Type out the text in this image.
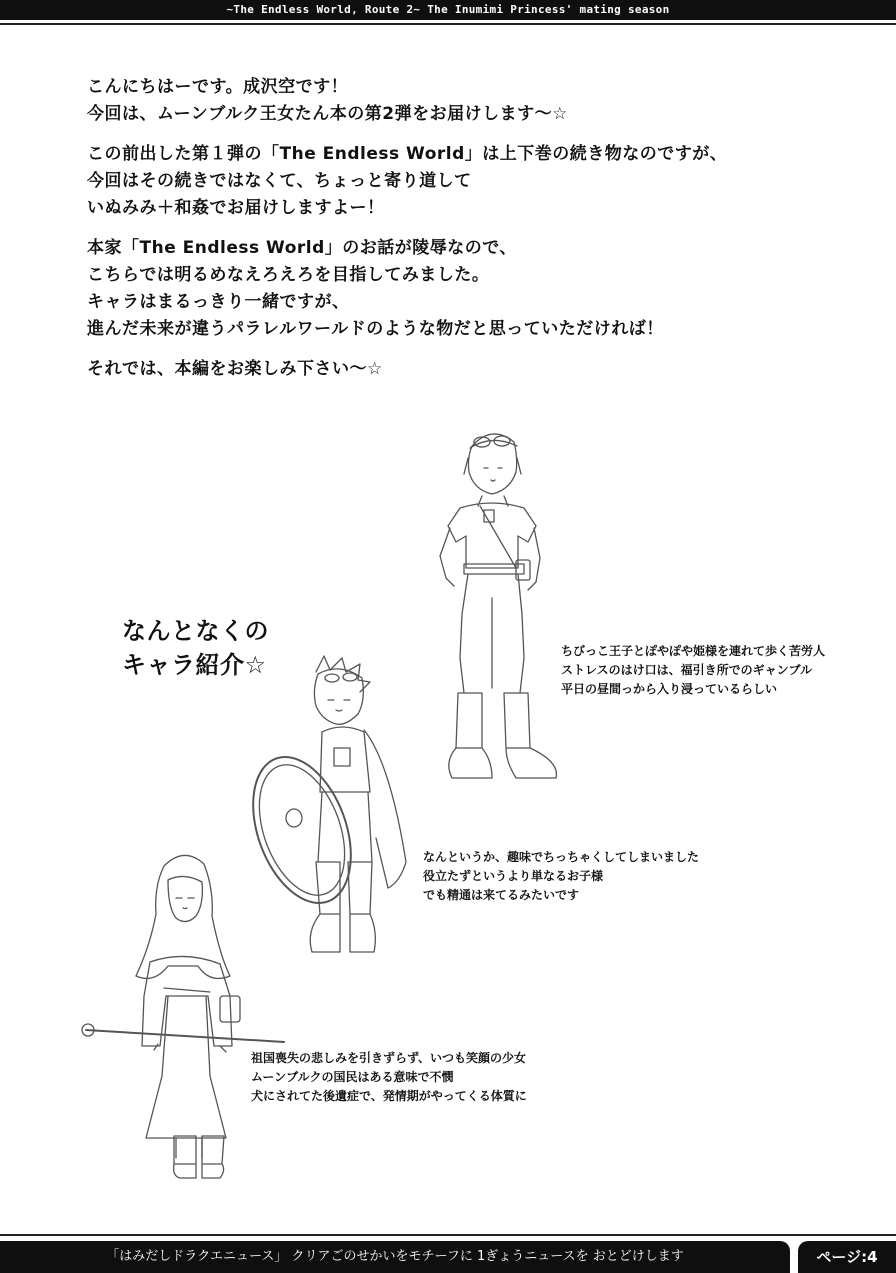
~The Endless World, Route 2~ The Inumimi Princess' mating season

こんにちはーです。成沢空です！
今回は、ムーンブルク王女たん本の第2弾をお届けします～☆

この前出した第１弾の「The Endless World」は上下巻の続き物なのですが、
今回はその続きではなくて、ちょっと寄り道して
いぬみみ＋和姦でお届けしますよー！

本家「The Endless World」のお話が陵辱なので、
こちらでは明るめなえろえろを目指してみました。
キャラはまるっきり一緒ですが、
進んだ未来が違うパラレルワールドのような物だと思っていただければ！

それでは、本編をお楽しみ下さい～☆

なんとなくの
キャラ紹介☆	ちびっこ王子とぽやぽや姫様を連れて歩く苦労人
ストレスのはけ口は、福引き所でのギャンブル
平日の昼間っから入り浸っているらしい
なんというか、趣味でちっちゃくしてしまいました
役立たずというより単なるお子様
でも精通は来てるみたいです
祖国喪失の悲しみを引きずらず、いつも笑顔の少女
ムーンブルクの国民はある意味で不憫
犬にされてた後遺症で、発情期がやってくる体質に
「はみだしドラクエニュース」 クリアごのせかいをモチーフに 1ぎょうニュースを おとどけします	ページ:4
